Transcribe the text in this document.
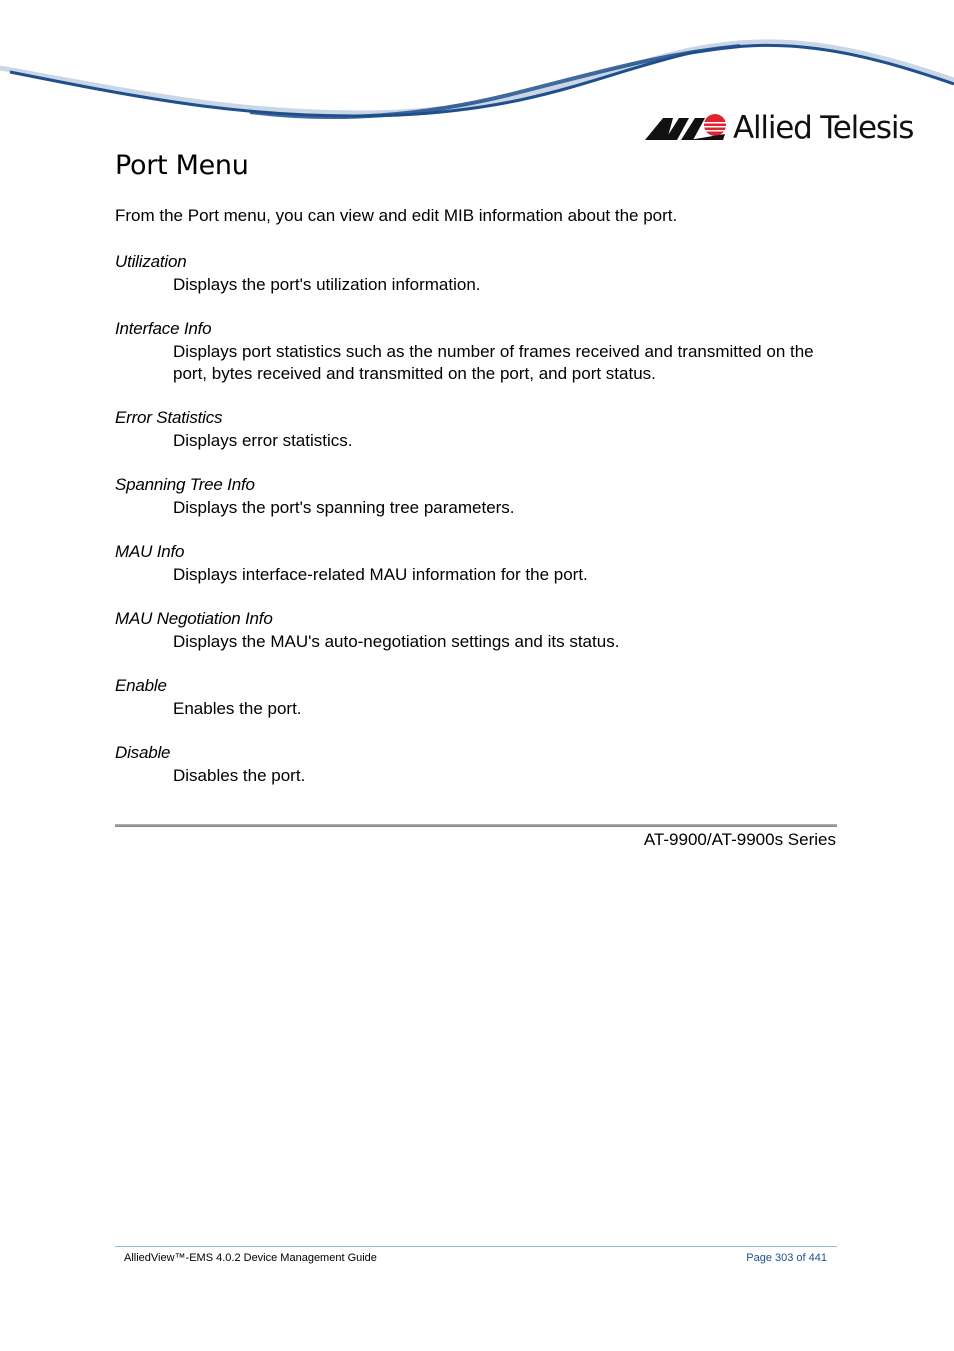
Allied Telesis
Port Menu

From the Port menu, you can view and edit MIB information about the port.

Utilization
Displays the port's utilization information.
Interface Info
Displays port statistics such as the number of frames received and transmitted on the port, bytes received and transmitted on the port, and port status.
Error Statistics
Displays error statistics.
Spanning Tree Info
Displays the port's spanning tree parameters.
MAU Info
Displays interface-related MAU information for the port.
MAU Negotiation Info
Displays the MAU's auto-negotiation settings and its status.
Enable
Enables the port.
Disable
Disables the port.
AT-9900/AT-9900s Series
AlliedView™-EMS 4.0.2 Device Management Guide	Page 303 of 441
